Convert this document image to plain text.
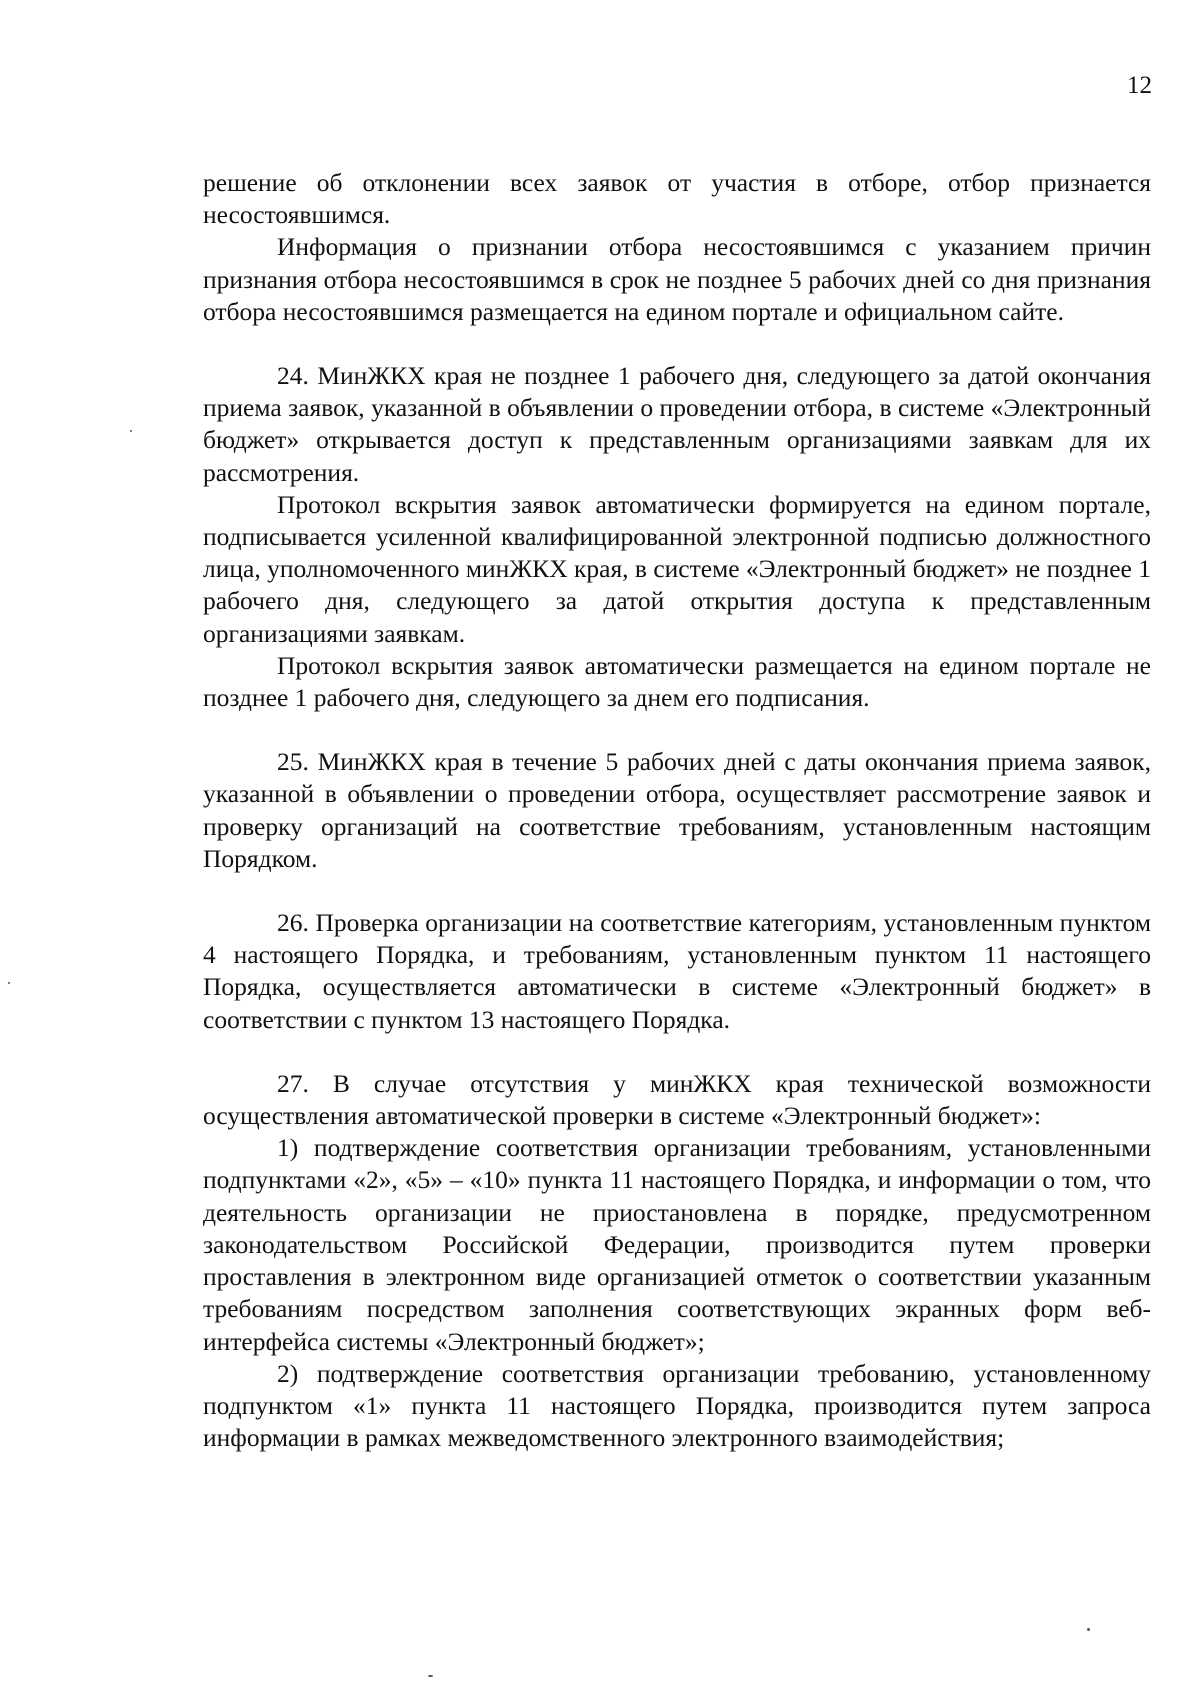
12

решение об отклонении всех заявок от участия в отборе, отбор признается несостоявшимся.

Информация о признании отбора несостоявшимся с указанием причин признания отбора несостоявшимся в срок не позднее 5 рабочих дней со дня признания отбора несостоявшимся размещается на едином портале и официальном сайте.

24. МинЖКХ края не позднее 1 рабочего дня, следующего за датой окончания приема заявок, указанной в объявлении о проведении отбора, в системе «Электронный бюджет» открывается доступ к представленным организациями заявкам для их рассмотрения.

Протокол вскрытия заявок автоматически формируется на едином портале, подписывается усиленной квалифицированной электронной подписью должностного лица, уполномоченного минЖКХ края, в системе «Электронный бюджет» не позднее 1 рабочего дня, следующего за датой открытия доступа к представленным организациями заявкам.

Протокол вскрытия заявок автоматически размещается на едином портале не позднее 1 рабочего дня, следующего за днем его подписания.

25. МинЖКХ края в течение 5 рабочих дней с даты окончания приема заявок, указанной в объявлении о проведении отбора, осуществляет рассмотрение заявок и проверку организаций на соответствие требованиям, установленным настоящим Порядком.

26. Проверка организации на соответствие категориям, установленным пунктом 4 настоящего Порядка, и требованиям, установленным пунктом 11 настоящего Порядка, осуществляется автоматически в системе «Электронный бюджет» в соответствии с пунктом 13 настоящего Порядка.

27. В случае отсутствия у минЖКХ края технической возможности осуществления автоматической проверки в системе «Электронный бюджет»:

1) подтверждение соответствия организации требованиям, установленными подпунктами «2», «5» – «10» пункта 11 настоящего Порядка, и информации о том, что деятельность организации не приостановлена в порядке, предусмотренном законодательством Российской Федерации, производится путем проверки проставления в электронном виде организацией отметок о соответствии указанным требованиям посредством заполнения соответствующих экранных форм веб-интерфейса системы «Электронный бюджет»;

2) подтверждение соответствия организации требованию, установленному подпунктом «1» пункта 11 настоящего Порядка, производится путем запроса информации в рамках межведомственного электронного взаимодействия;
